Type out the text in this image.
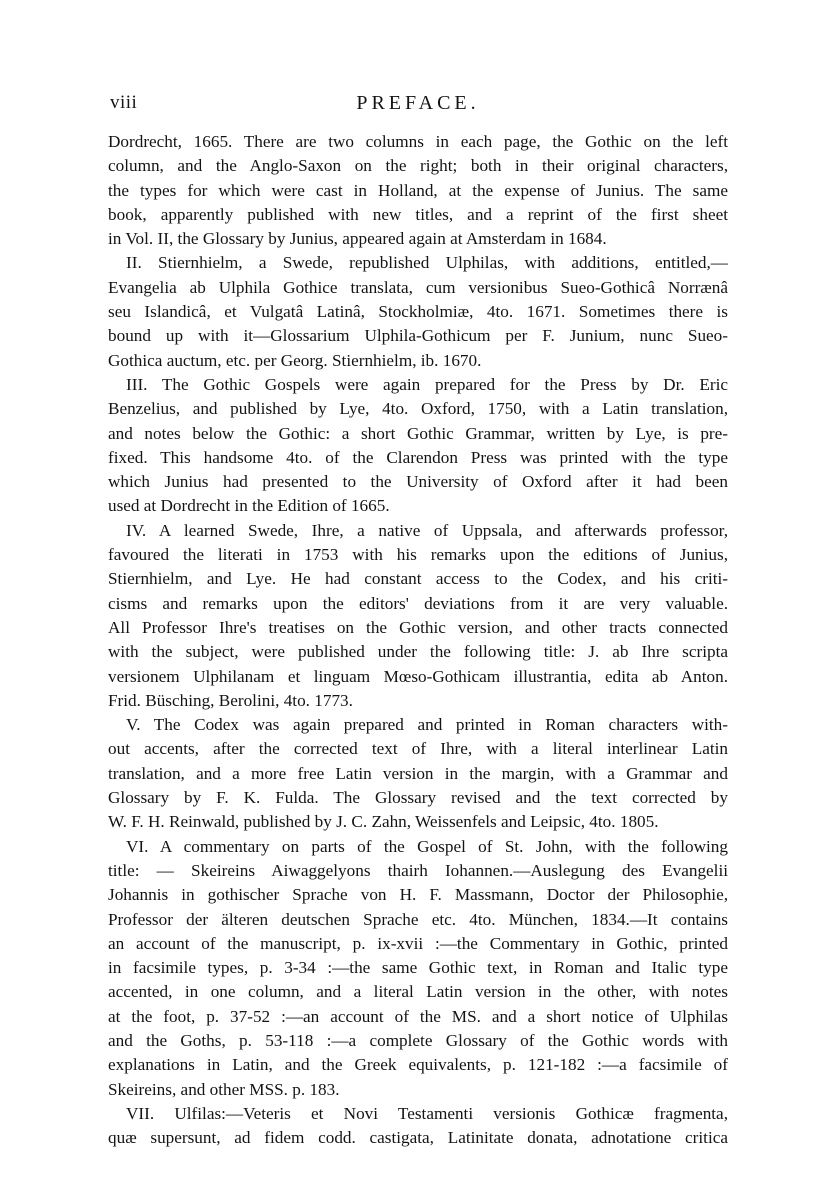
viii	PREFACE.
Dordrecht, 1665. There are two columns in each page, the Gothic on the left
column, and the Anglo-Saxon on the right; both in their original characters,
the types for which were cast in Holland, at the expense of Junius. The same
book, apparently published with new titles, and a reprint of the first sheet
in Vol. II, the Glossary by Junius, appeared again at Amsterdam in 1684.
II. Stiernhielm, a Swede, republished Ulphilas, with additions, entitled,—
Evangelia ab Ulphila Gothice translata, cum versionibus Sueo-Gothicâ Norrænâ
seu Islandicâ, et Vulgatâ Latinâ, Stockholmiæ, 4to. 1671. Sometimes there is
bound up with it—Glossarium Ulphila-Gothicum per F. Junium, nunc Sueo-
Gothica auctum, etc. per Georg. Stiernhielm, ib. 1670.
III. The Gothic Gospels were again prepared for the Press by Dr. Eric
Benzelius, and published by Lye, 4to. Oxford, 1750, with a Latin translation,
and notes below the Gothic: a short Gothic Grammar, written by Lye, is pre-
fixed. This handsome 4to. of the Clarendon Press was printed with the type
which Junius had presented to the University of Oxford after it had been
used at Dordrecht in the Edition of 1665.
IV. A learned Swede, Ihre, a native of Uppsala, and afterwards professor,
favoured the literati in 1753 with his remarks upon the editions of Junius,
Stiernhielm, and Lye. He had constant access to the Codex, and his criti-
cisms and remarks upon the editors' deviations from it are very valuable.
All Professor Ihre's treatises on the Gothic version, and other tracts connected
with the subject, were published under the following title: J. ab Ihre scripta
versionem Ulphilanam et linguam Mœso-Gothicam illustrantia, edita ab Anton.
Frid. Büsching, Berolini, 4to. 1773.
V. The Codex was again prepared and printed in Roman characters with-
out accents, after the corrected text of Ihre, with a literal interlinear Latin
translation, and a more free Latin version in the margin, with a Grammar and
Glossary by F. K. Fulda. The Glossary revised and the text corrected by
W. F. H. Reinwald, published by J. C. Zahn, Weissenfels and Leipsic, 4to. 1805.
VI. A commentary on parts of the Gospel of St. John, with the following
title: — Skeireins Aiwaggelyons thairh Iohannen.—Auslegung des Evangelii
Johannis in gothischer Sprache von H. F. Massmann, Doctor der Philosophie,
Professor der älteren deutschen Sprache etc. 4to. München, 1834.—It contains
an account of the manuscript, p. ix-xvii :—the Commentary in Gothic, printed
in facsimile types, p. 3-34 :—the same Gothic text, in Roman and Italic type
accented, in one column, and a literal Latin version in the other, with notes
at the foot, p. 37-52 :—an account of the MS. and a short notice of Ulphilas
and the Goths, p. 53-118 :—a complete Glossary of the Gothic words with
explanations in Latin, and the Greek equivalents, p. 121-182 :—a facsimile of
Skeireins, and other MSS. p. 183.
VII. Ulfilas:—Veteris et Novi Testamenti versionis Gothicæ fragmenta,
quæ supersunt, ad fidem codd. castigata, Latinitate donata, adnotatione critica
